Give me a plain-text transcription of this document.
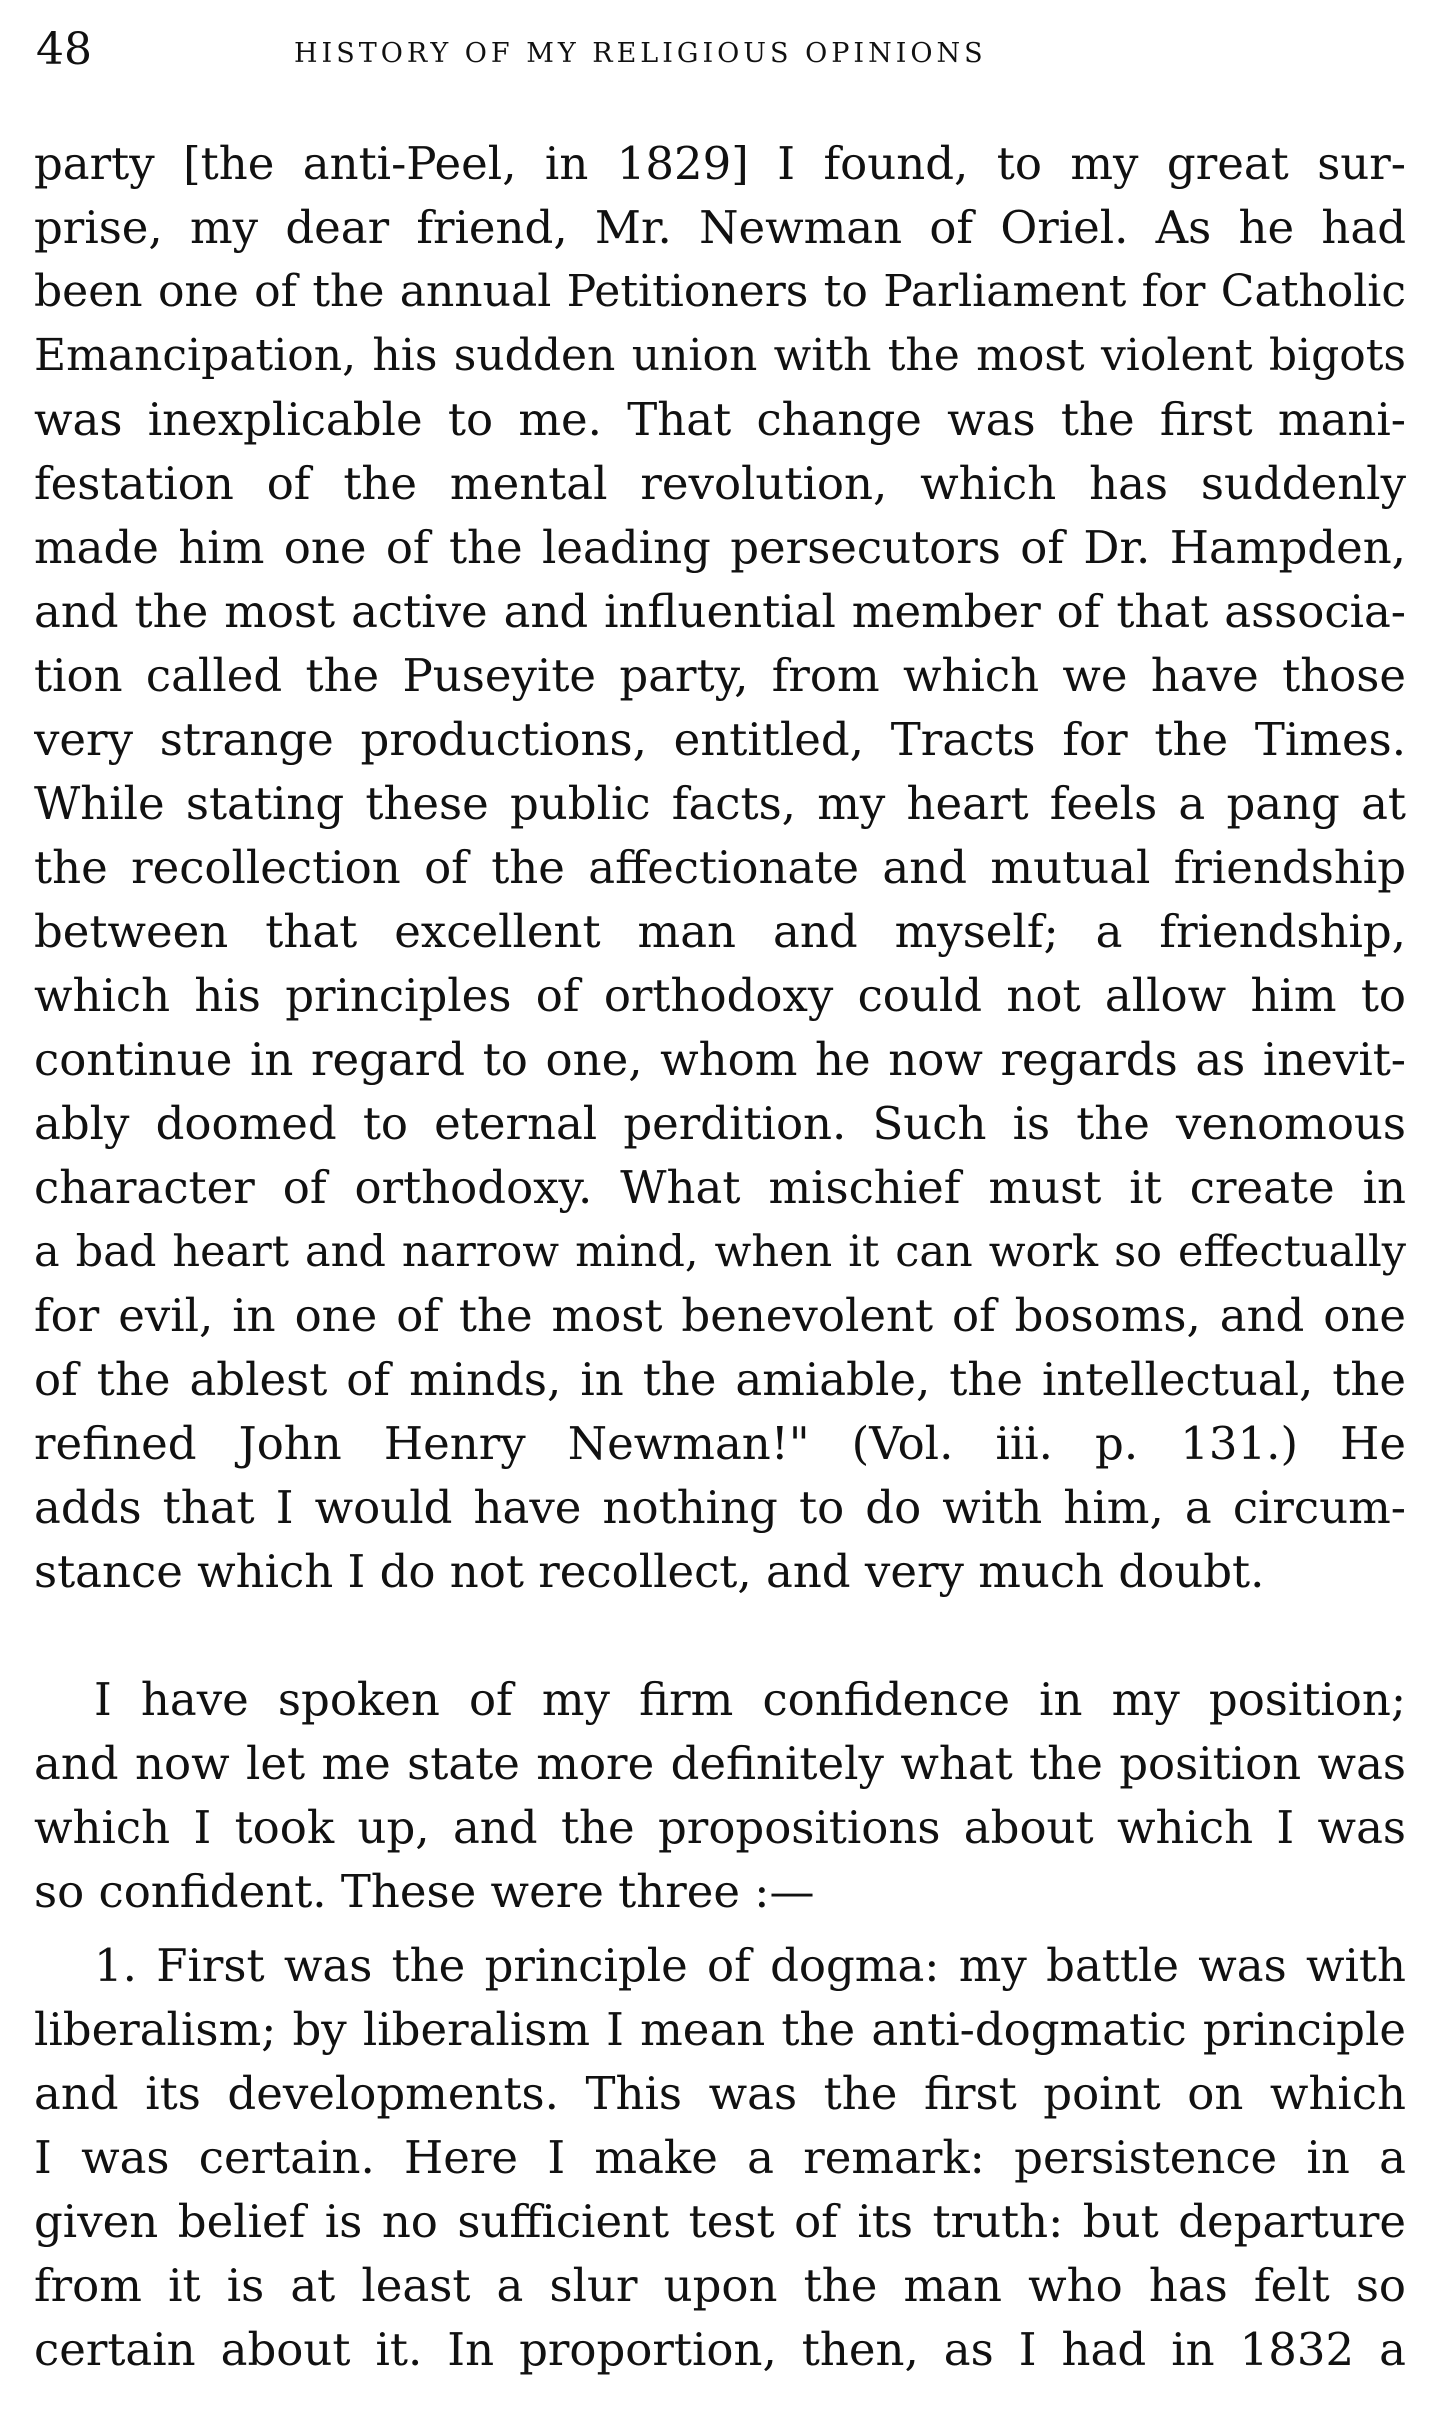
48	HISTORY OF MY RELIGIOUS OPINIONS
party [the anti-Peel, in 1829] I found, to my great sur-
prise, my dear friend, Mr. Newman of Oriel. As he had
been one of the annual Petitioners to Parliament for Catholic
Emancipation, his sudden union with the most violent bigots
was inexplicable to me. That change was the first mani-
festation of the mental revolution, which has suddenly
made him one of the leading persecutors of Dr. Hampden,
and the most active and influential member of that associa-
tion called the Puseyite party, from which we have those
very strange productions, entitled, Tracts for the Times.
While stating these public facts, my heart feels a pang at
the recollection of the affectionate and mutual friendship
between that excellent man and myself; a friendship,
which his principles of orthodoxy could not allow him to
continue in regard to one, whom he now regards as inevit-
ably doomed to eternal perdition. Such is the venomous
character of orthodoxy. What mischief must it create in
a bad heart and narrow mind, when it can work so effectually
for evil, in one of the most benevolent of bosoms, and one
of the ablest of minds, in the amiable, the intellectual, the
refined John Henry Newman!" (Vol. iii. p. 131.) He
adds that I would have nothing to do with him, a circum-
stance which I do not recollect, and very much doubt.
I have spoken of my firm confidence in my position;
and now let me state more definitely what the position was
which I took up, and the propositions about which I was
so confident. These were three :—
1. First was the principle of dogma: my battle was with
liberalism; by liberalism I mean the anti-dogmatic principle
and its developments. This was the first point on which
I was certain. Here I make a remark: persistence in a
given belief is no sufficient test of its truth: but departure
from it is at least a slur upon the man who has felt so
certain about it. In proportion, then, as I had in 1832 a
